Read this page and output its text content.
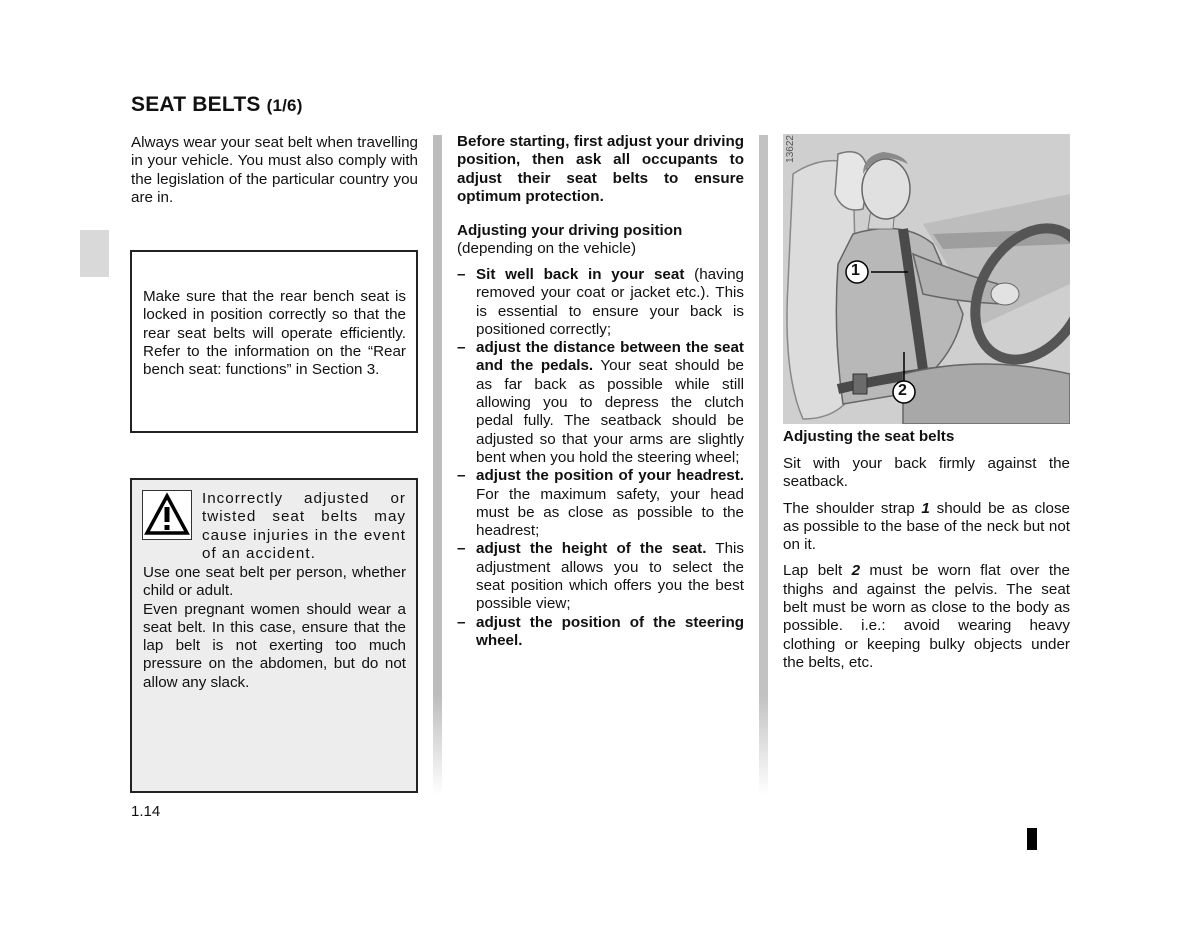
SEAT BELTS (1/6)
Always wear your seat belt when travelling in your vehicle. You must also comply with the legislation of the particular country you are in.
Make sure that the rear bench seat is locked in position correctly so that the rear seat belts will operate efficiently. Refer to the information on the “Rear bench seat: functions” in Section 3.
Incorrectly adjusted or twisted seat belts may cause injuries in the event of an accident.
Use one seat belt per person, whether child or adult.
Even pregnant women should wear a seat belt. In this case, ensure that the lap belt is not exerting too much pressure on the abdomen, but do not allow any slack.
Before starting, first adjust your driving position, then ask all occupants to adjust their seat belts to ensure optimum protection.
Adjusting your driving position
(depending on the vehicle)
– Sit well back in your seat (having removed your coat or jacket etc.). This is essential to ensure your back is positioned correctly;
– adjust the distance between the seat and the pedals. Your seat should be as far back as possible while still allowing you to depress the clutch pedal fully. The seatback should be adjusted so that your arms are slightly bent when you hold the steering wheel;
– adjust the position of your headrest. For the maximum safety, your head must be as close as possible to the headrest;
– adjust the height of the seat. This adjustment allows you to select the seat position which offers you the best possible view;
– adjust the position of the steering wheel.
1
2
13622
Adjusting the seat belts
Sit with your back firmly against the seatback.
The shoulder strap 1 should be as close as possible to the base of the neck but not on it.
Lap belt 2 must be worn flat over the thighs and against the pelvis. The seat belt must be worn as close to the body as possible. i.e.: avoid wearing heavy clothing or keeping bulky objects under the belts, etc.
1.14
